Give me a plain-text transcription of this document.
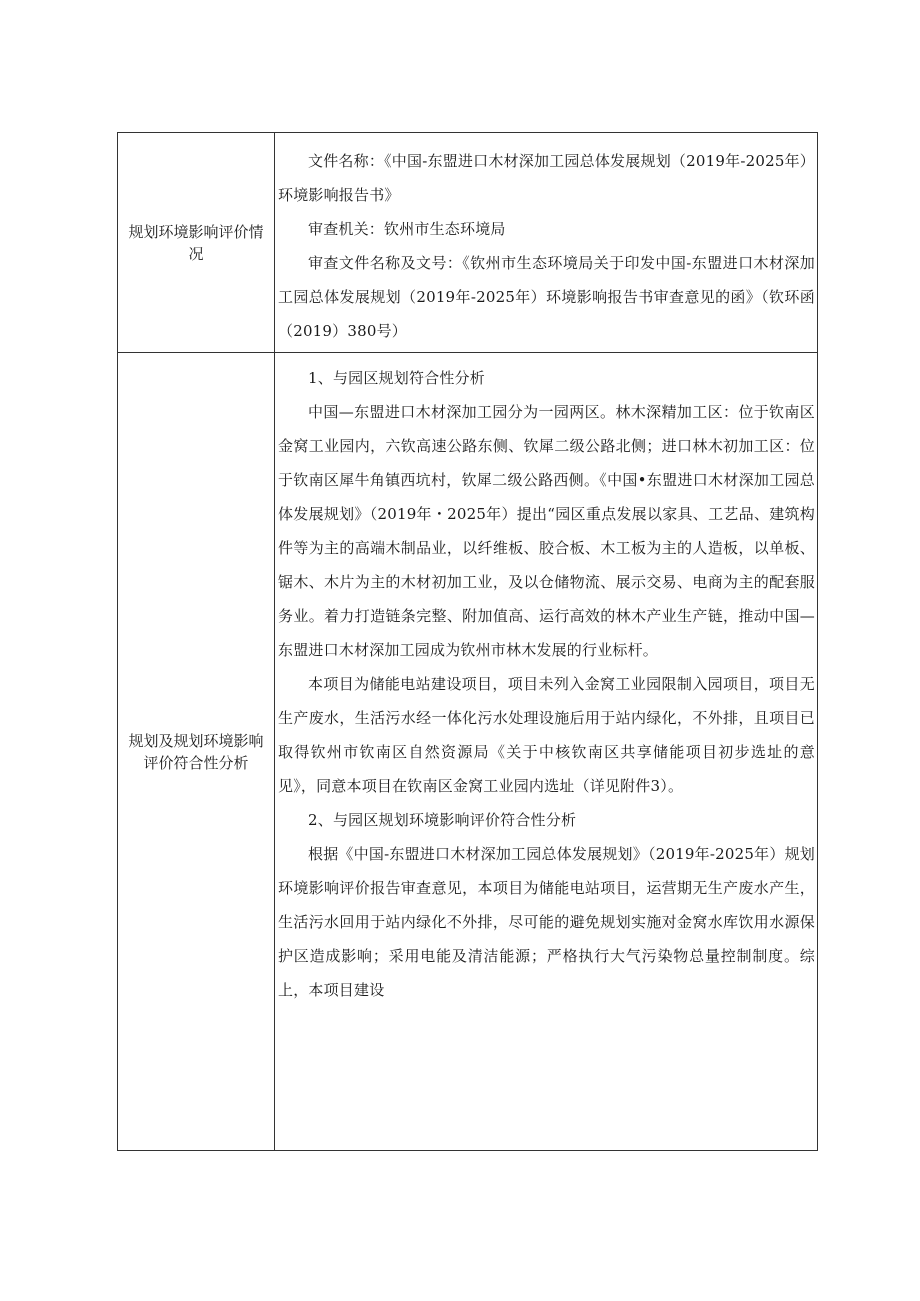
规划环境影响评价情况	文件名称：《中国-东盟进口木材深加工园总体发展规划（2019年-2025年）环境影响报告书》

审查机关：钦州市生态环境局

审查文件名称及文号：《钦州市生态环境局关于印发中国-东盟进口木材深加工园总体发展规划（2019年-2025年）环境影响报告书审查意见的函》（钦环函（2019）380号）

规划及规划环境影响评价符合性分析	1、与园区规划符合性分析

中国—东盟进口木材深加工园分为一园两区。林木深精加工区：位于钦南区金窝工业园内，六钦高速公路东侧、钦犀二级公路北侧；进口林木初加工区：位于钦南区犀牛角镇西坑村，钦犀二级公路西侧。《中国•东盟进口木材深加工园总体发展规划》（2019年・2025年）提出“园区重点发展以家具、工艺品、建筑构件等为主的高端木制品业，以纤维板、胶合板、木工板为主的人造板，以单板、锯木、木片为主的木材初加工业，及以仓储物流、展示交易、电商为主的配套服务业。着力打造链条完整、附加值高、运行高效的林木产业生产链，推动中国—东盟进口木材深加工园成为钦州市林木发展的行业标杆。

本项目为储能电站建设项目，项目未列入金窝工业园限制入园项目，项目无生产废水，生活污水经一体化污水处理设施后用于站内绿化，不外排，且项目已取得钦州市钦南区自然资源局《关于中核钦南区共享储能项目初步选址的意见》，同意本项目在钦南区金窝工业园内选址（详见附件3）。

2、与园区规划环境影响评价符合性分析

根据《中国-东盟进口木材深加工园总体发展规划》（2019年-2025年）规划环境影响评价报告审查意见，本项目为储能电站项目，运营期无生产废水产生，生活污水回用于站内绿化不外排，尽可能的避免规划实施对金窝水库饮用水源保护区造成影响；采用电能及清洁能源；严格执行大气污染物总量控制制度。综上，本项目建设
